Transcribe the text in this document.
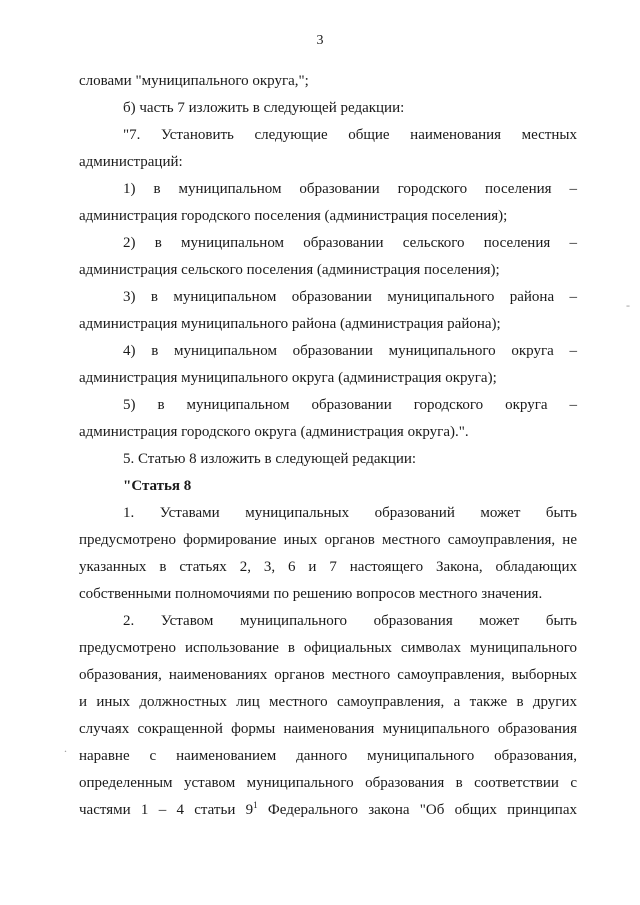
3

словами "муниципального округа,";

б) часть 7 изложить в следующей редакции:

"7. Установить следующие общие наименования местных

администраций:

1) в муниципальном образовании городского поселения –

администрация городского поселения (администрация поселения);

2) в муниципальном образовании сельского поселения –

администрация сельского поселения (администрация поселения);

3) в муниципальном образовании муниципального района –

администрация муниципального района (администрация района);

4) в муниципальном образовании муниципального округа –

администрация муниципального округа (администрация округа);

5) в муниципальном образовании городского округа –

администрация городского округа (администрация округа).".

5. Статью 8 изложить в следующей редакции:

"Статья 8

1. Уставами муниципальных образований может быть

предусмотрено формирование иных органов местного самоуправления, не

указанных в статьях 2, 3, 6 и 7 настоящего Закона, обладающих

собственными полномочиями по решению вопросов местного значения.

2. Уставом муниципального образования может быть

предусмотрено использование в официальных символах муниципального

образования, наименованиях органов местного самоуправления, выборных

и иных должностных лиц местного самоуправления, а также в других

случаях сокращенной формы наименования муниципального образования

наравне с наименованием данного муниципального образования,

определенным уставом муниципального образования в соответствии с

частями 1 – 4 статьи $9^1$ Федерального закона "Об общих принципах

-
.
